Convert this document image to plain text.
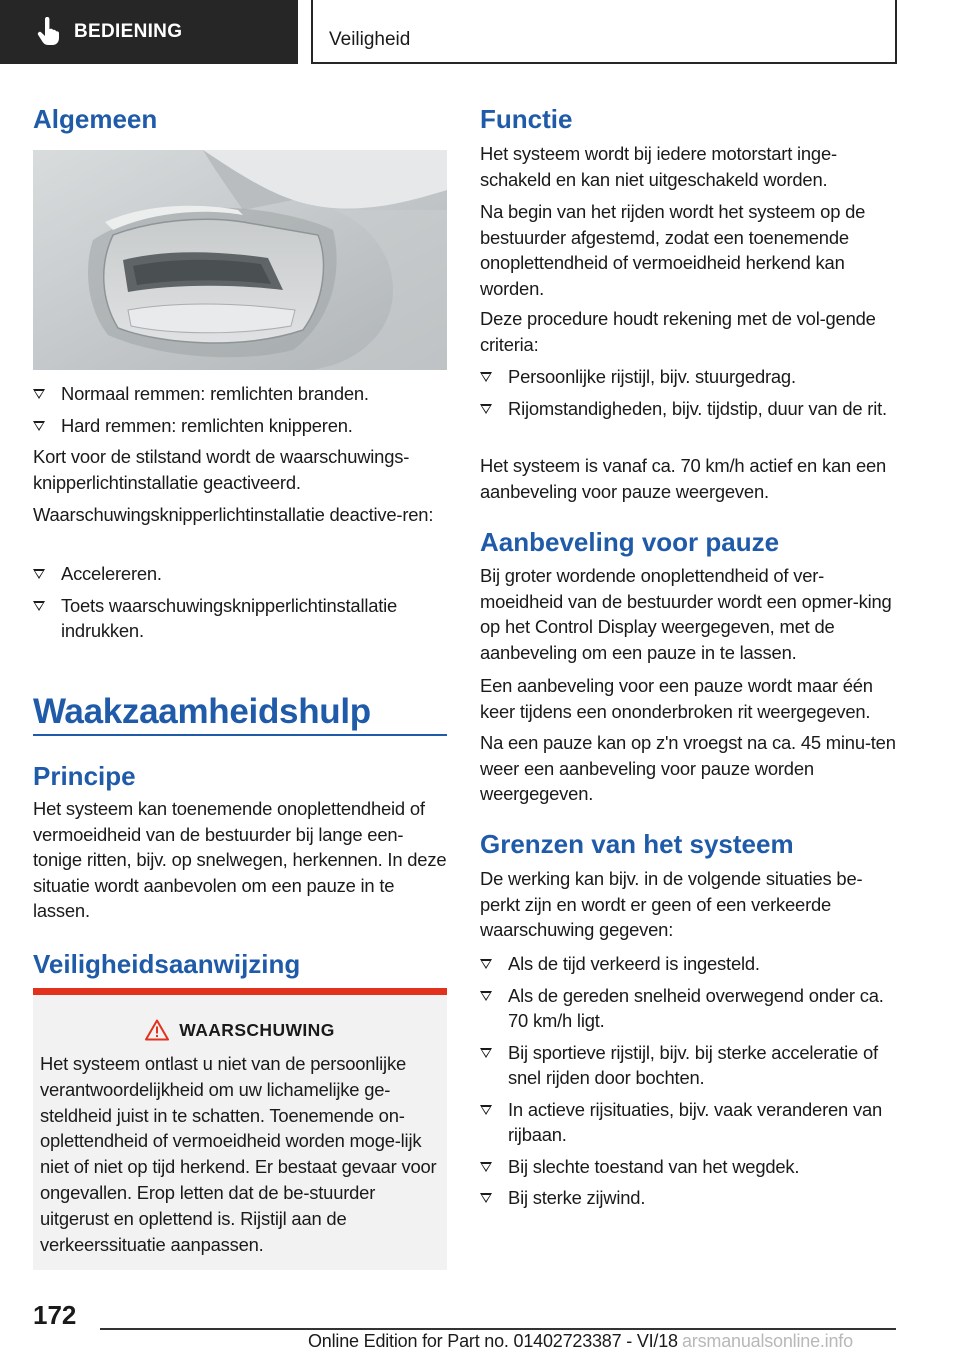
BEDIENING	Veiligheid
Algemeen
Normaal remmen: remlichten branden.
Hard remmen: remlichten knipperen.

Kort voor de stilstand wordt de waarschuwings-knipperlichtinstallatie geactiveerd.

Waarschuwingsknipperlichtinstallatie deactive-ren:

Accelereren.
Toets waarschuwingsknipperlichtinstallatie indrukken.
Waakzaamheidshulp
Principe

Het systeem kan toenemende onoplettendheid of vermoeidheid van de bestuurder bij lange een-tonige ritten, bijv. op snelwegen, herkennen. In deze situatie wordt aanbevolen om een pauze in te lassen.

Veiligheidsaanwijzing
WAARSCHUWING

Het systeem ontlast u niet van de persoonlijke verantwoordelijkheid om uw lichamelijke ge-steldheid juist in te schatten. Toenemende on-oplettendheid of vermoeidheid worden moge-lijk niet of niet op tijd herkend. Er bestaat gevaar voor ongevallen. Erop letten dat de be-stuurder uitgerust en oplettend is. Rijstijl aan de verkeerssituatie aanpassen.

Functie

Het systeem wordt bij iedere motorstart inge-schakeld en kan niet uitgeschakeld worden.

Na begin van het rijden wordt het systeem op de bestuurder afgestemd, zodat een toenemende onoplettendheid of vermoeidheid herkend kan worden.

Deze procedure houdt rekening met de vol-gende criteria:

Persoonlijke rijstijl, bijv. stuurgedrag.
Rijomstandigheden, bijv. tijdstip, duur van de rit.

Het systeem is vanaf ca. 70 km/h actief en kan een aanbeveling voor pauze weergeven.

Aanbeveling voor pauze

Bij groter wordende onoplettendheid of ver-moeidheid van de bestuurder wordt een opmer-king op het Control Display weergegeven, met de aanbeveling om een pauze in te lassen.

Een aanbeveling voor een pauze wordt maar één keer tijdens een ononderbroken rit weergegeven.

Na een pauze kan op z'n vroegst na ca. 45 minu-ten weer een aanbeveling voor pauze worden weergegeven.

Grenzen van het systeem

De werking kan bijv. in de volgende situaties be-perkt zijn en wordt er geen of een verkeerde waarschuwing gegeven:

Als de tijd verkeerd is ingesteld.
Als de gereden snelheid overwegend onder ca. 70 km/h ligt.
Bij sportieve rijstijl, bijv. bij sterke acceleratie of snel rijden door bochten.
In actieve rijsituaties, bijv. vaak veranderen van rijbaan.
Bij slechte toestand van het wegdek.
Bij sterke zijwind.
172
Online Edition for Part no. 01402723387 - VI/18 arsmanualsonline.info
